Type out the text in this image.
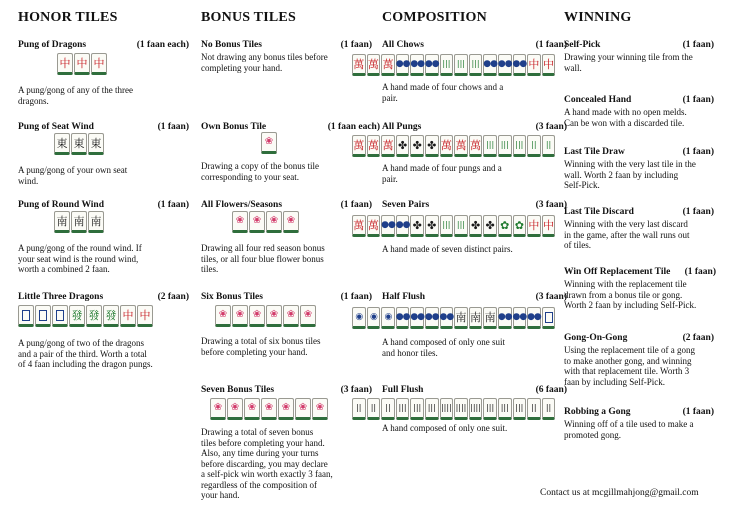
HONOR TILES
Pung of Dragons	(1 faan each)
中 中 中

A pung/gong of any of the three
dragons.

Pung of Seat Wind	(1 faan)
東 東 東

A pung/gong of your own seat
wind.

Pung of Round Wind	(1 faan)
南 南 南

A pung/gong of the round wind. If
your seat wind is the round wind,
worth a combined 2 faan.

Little Three Dragons	(2 faan)
發 發 發 中 中

A pung/gong of two of the dragons
and a pair of the third. Worth a total
of 4 faan including the dragon pungs.

BONUS TILES
No Bonus Tiles	(1 faan)

Not drawing any bonus tiles before
completing your hand.

Own Bonus Tile	(1 faan each)
❀

Drawing a copy of the bonus tile
corresponding to your seat.

All Flowers/Seasons	(1 faan)
❀ ❀ ❀ ❀

Drawing all four red season bonus
tiles, or all four blue flower bonus
tiles.

Six Bonus Tiles	(1 faan)
❀ ❀ ❀ ❀ ❀ ❀

Drawing a total of six bonus tiles
before completing your hand.

Seven Bonus Tiles	(3 faan)
❀ ❀ ❀ ❀ ❀ ❀ ❀

Drawing a total of seven bonus
tiles before completing your hand.
Also, any time during your turns
before discarding, you may declare
a self-pick win worth exactly 3 faan,
regardless of the composition of
your hand.

COMPOSITION
All Chows	(1 faan)
萬 萬 萬 ●● ●● ●● ||| ||| ||| ●● ●● ●● 中 中

A hand made of four chows and a
pair.

All Pungs	(3 faan)
萬 萬 萬 ✤ ✤ ✤ 萬 萬 萬 ||| ||| ||| ||	||

A hand made of four pungs and a
pair.

Seven Pairs	(3 faan)
萬 萬 ●● ●● ✤ ✤ ||| ||| ✤ ✤ ✿ ✿ 中 中

A hand made of seven distinct pairs.

Half Flush	(3 faan)
◉ ◉ ◉ ●● ●● ●● ●● 南 南 南 ●● ●● ●●

A hand composed of only one suit
and honor tiles.

Full Flush	(6 faan)
||	||	|| ||| ||| ||| |||| |||| |||| ||| ||| ||| ||	||

A hand composed of only one suit.

WINNING
Self-Pick	(1 faan)

Drawing your winning tile from the
wall.

Concealed Hand	(1 faan)

A hand made with no open melds.
Can be won with a discarded tile.

Last Tile Draw	(1 faan)

Winning with the very last tile in the
wall. Worth 2 faan by including
Self-Pick.

Last Tile Discard	(1 faan)

Winning with the very last discard
in the game, after the wall runs out
of tiles.

Win Off Replacement Tile (1 faan)

Winning with the replacement tile
drawn from a bonus tile or gong.
Worth 2 faan by including Self-Pick.

Gong-On-Gong	(2 faan)

Using the replacement tile of a gong
to make another gong, and winning
with that replacement tile. Worth 3
faan by including Self-Pick.

Robbing a Gong	(1 faan)

Winning off of a tile used to make a
promoted gong.

Contact us at mcgillmahjong@gmail.com
